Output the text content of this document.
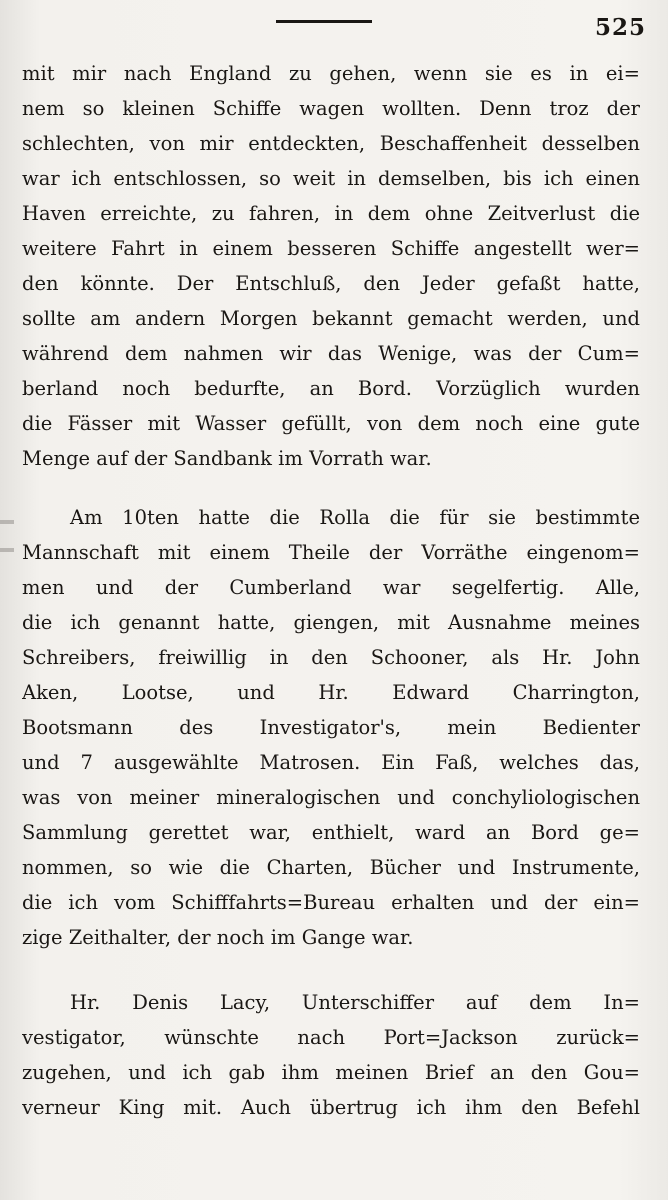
525
mit mir nach England zu gehen, wenn sie es in ei=
nem so kleinen Schiffe wagen wollten. Denn troz der
schlechten, von mir entdeckten, Beschaffenheit desselben
war ich entschlossen, so weit in demselben, bis ich einen
Haven erreichte, zu fahren, in dem ohne Zeitverlust die
weitere Fahrt in einem besseren Schiffe angestellt wer=
den könnte. Der Entschluß, den Jeder gefaßt hatte,
sollte am andern Morgen bekannt gemacht werden, und
während dem nahmen wir das Wenige, was der Cum=
berland noch bedurfte, an Bord. Vorzüglich wurden
die Fässer mit Wasser gefüllt, von dem noch eine gute
Menge auf der Sandbank im Vorrath war.
Am 10ten hatte die Rolla die für sie bestimmte
Mannschaft mit einem Theile der Vorräthe eingenom=
men und der Cumberland war segelfertig. Alle,
die ich genannt hatte, giengen, mit Ausnahme meines
Schreibers, freiwillig in den Schooner, als Hr. John
Aken, Lootse, und Hr. Edward Charrington,
Bootsmann des Investigator's, mein Bedienter
und 7 ausgewählte Matrosen. Ein Faß, welches das,
was von meiner mineralogischen und conchyliologischen
Sammlung gerettet war, enthielt, ward an Bord ge=
nommen, so wie die Charten, Bücher und Instrumente,
die ich vom Schifffahrts=Bureau erhalten und der ein=
zige Zeithalter, der noch im Gange war.
Hr. Denis Lacy, Unterschiffer auf dem In=
vestigator, wünschte nach Port=Jackson zurück=
zugehen, und ich gab ihm meinen Brief an den Gou=
verneur King mit. Auch übertrug ich ihm den Befehl
